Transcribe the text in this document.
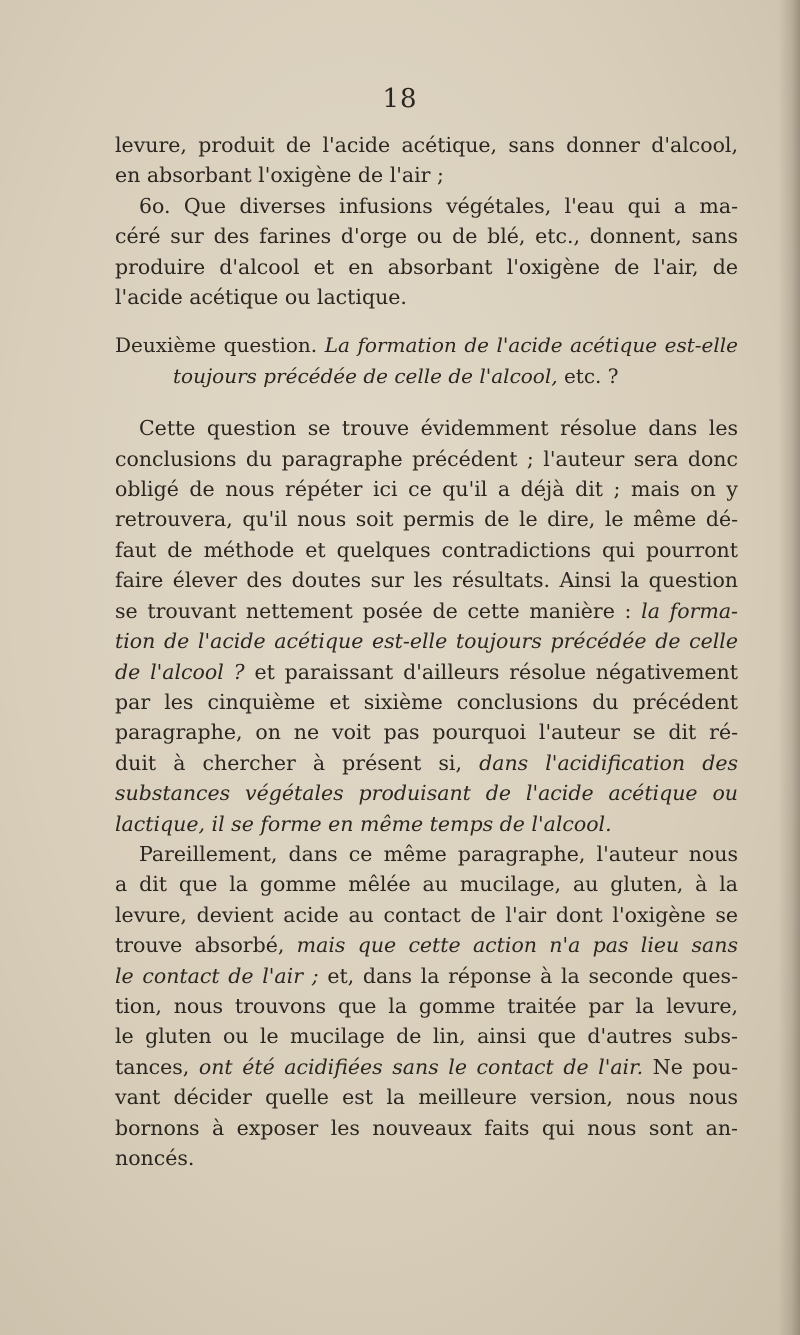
18
levure, produit de l'acide acétique, sans donner d'alcool,
en absorbant l'oxigène de l'air ;
6o. Que diverses infusions végétales, l'eau qui a ma-
céré sur des farines d'orge ou de blé, etc., donnent, sans
produire d'alcool et en absorbant l'oxigène de l'air, de
l'acide acétique ou lactique.
Deuxième question. La formation de l'acide acétique est-elle
toujours précédée de celle de l'alcool, etc. ?
Cette question se trouve évidemment résolue dans les
conclusions du paragraphe précédent ; l'auteur sera donc
obligé de nous répéter ici ce qu'il a déjà dit ; mais on y
retrouvera, qu'il nous soit permis de le dire, le même dé-
faut de méthode et quelques contradictions qui pourront
faire élever des doutes sur les résultats. Ainsi la question
se trouvant nettement posée de cette manière : la forma-
tion de l'acide acétique est-elle toujours précédée de celle
de l'alcool ? et paraissant d'ailleurs résolue négativement
par les cinquième et sixième conclusions du précédent
paragraphe, on ne voit pas pourquoi l'auteur se dit ré-
duit à chercher à présent si, dans l'acidification des
substances végétales produisant de l'acide acétique ou
lactique, il se forme en même temps de l'alcool.
Pareillement, dans ce même paragraphe, l'auteur nous
a dit que la gomme mêlée au mucilage, au gluten, à la
levure, devient acide au contact de l'air dont l'oxigène se
trouve absorbé, mais que cette action n'a pas lieu sans
le contact de l'air ; et, dans la réponse à la seconde ques-
tion, nous trouvons que la gomme traitée par la levure,
le gluten ou le mucilage de lin, ainsi que d'autres subs-
tances, ont été acidifiées sans le contact de l'air. Ne pou-
vant décider quelle est la meilleure version, nous nous
bornons à exposer les nouveaux faits qui nous sont an-
noncés.
